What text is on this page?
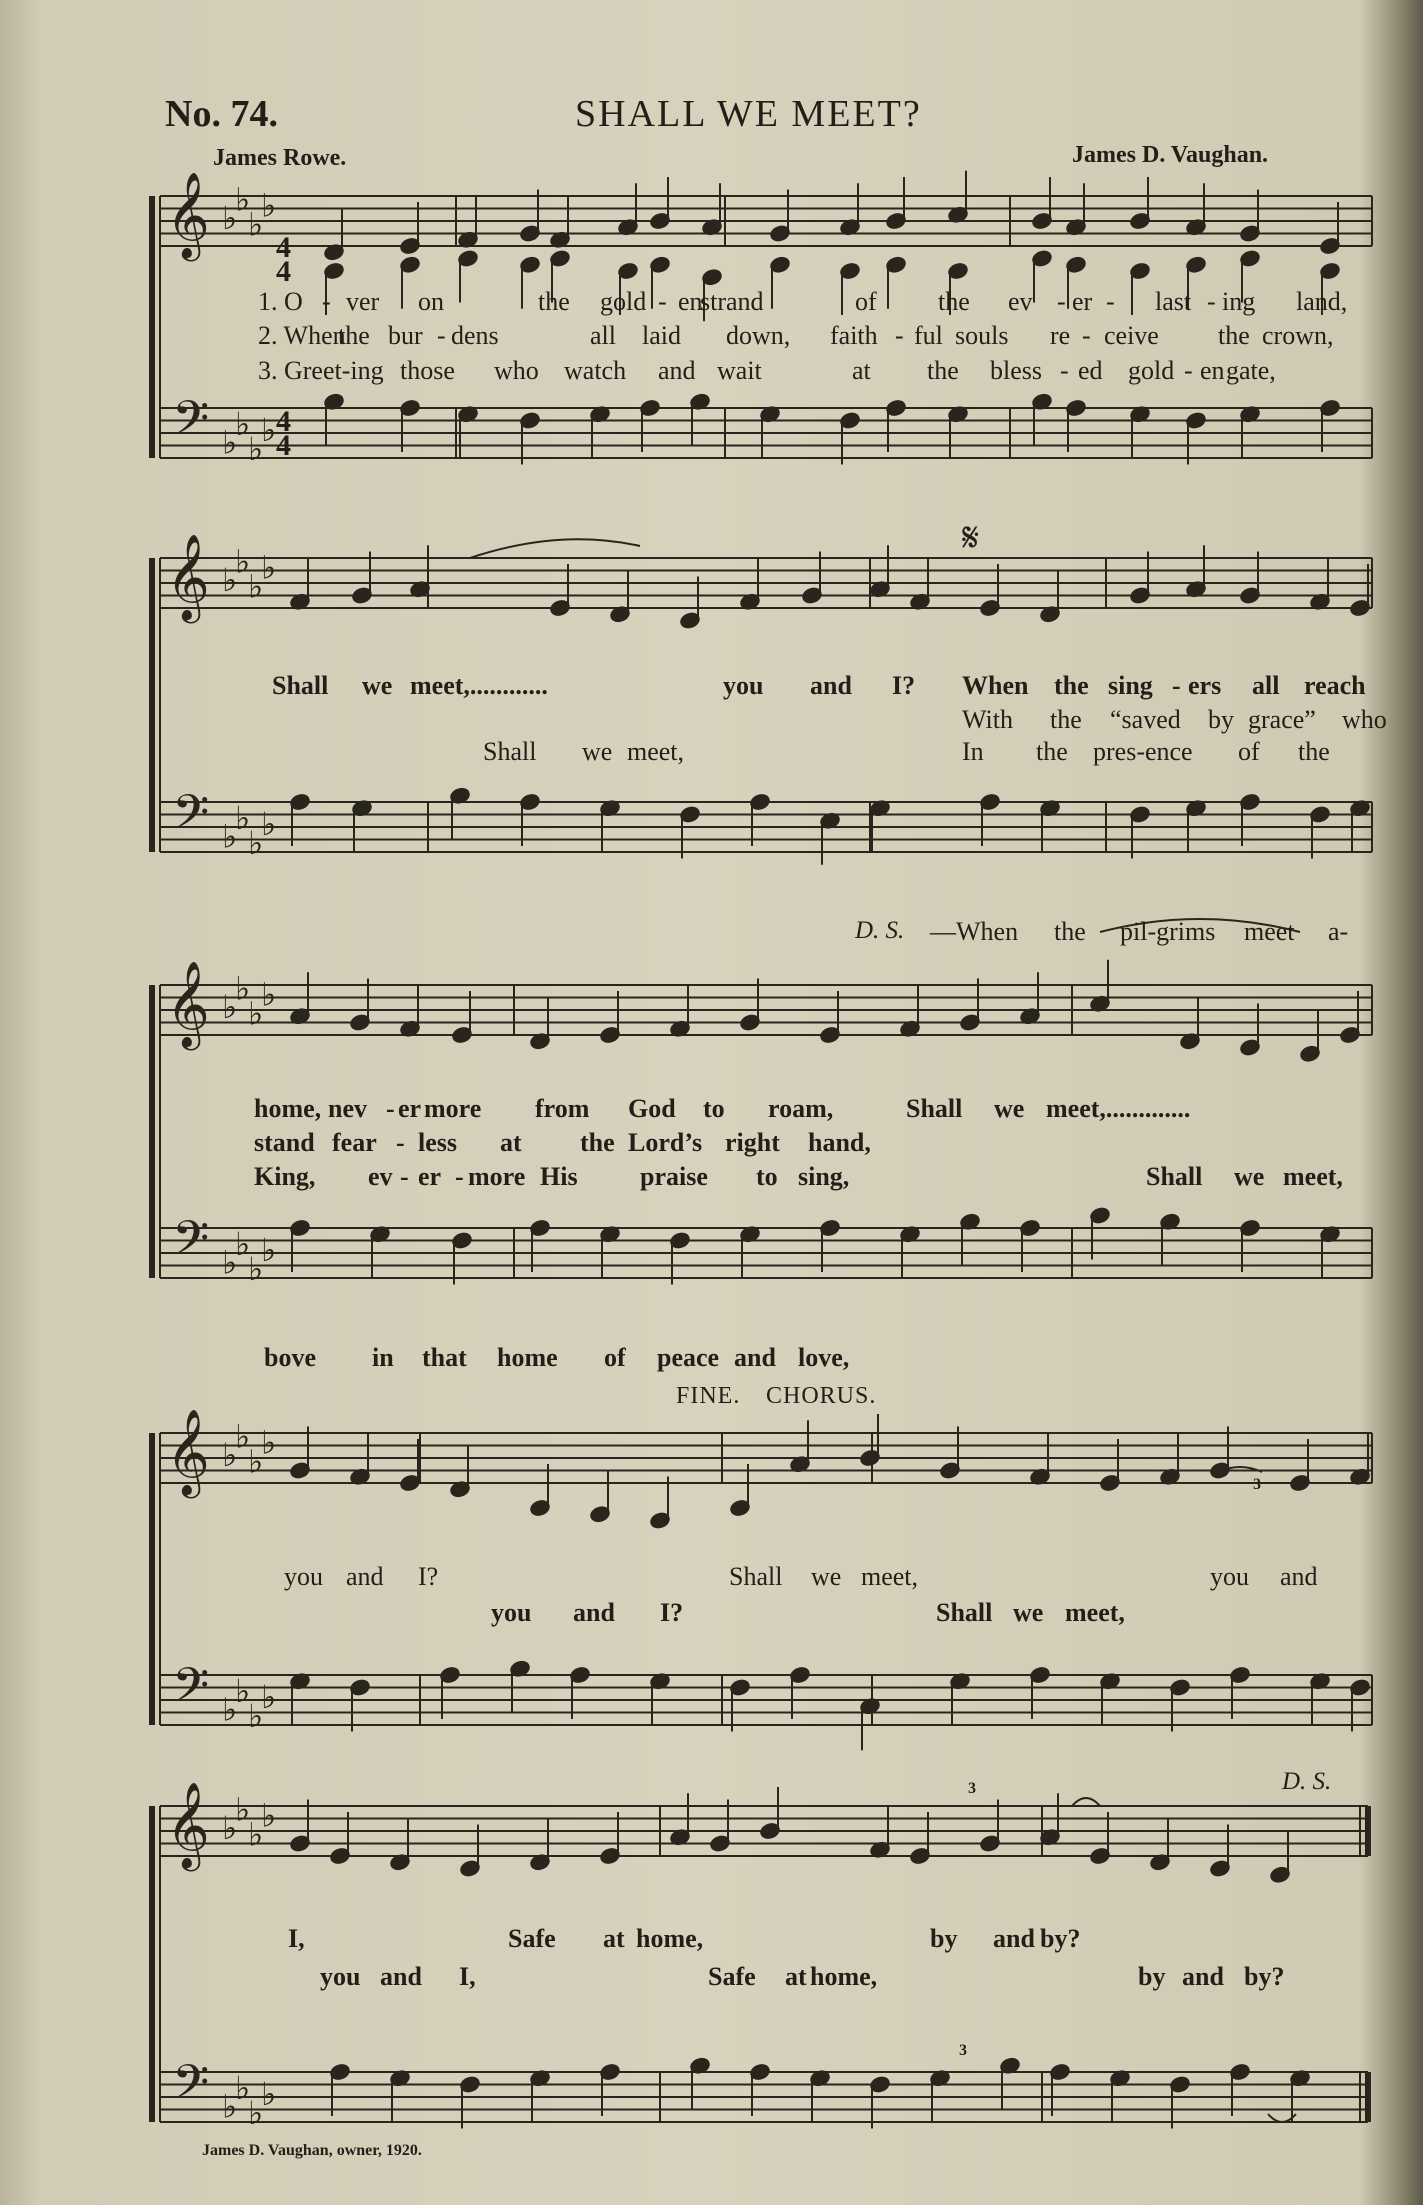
No. 74.	SHALL WE MEET?
James Rowe.	James D. Vaughan.
𝄞
𝄢
♭
♭
♭
♭
♭
♭
♭
♭
𝄞
𝄢
♭
♭
♭
♭
♭
♭
♭
♭
𝄞
𝄢
♭
♭
♭
♭
♭
♭
♭
♭
𝄞
𝄢
♭
♭
♭
♭
♭
♭
♭
♭
𝄞
𝄢
♭
♭
♭
♭
♭
♭
♭
♭
4
4
4
4
1. O - ver on	the gold - en
strand	of the ev - er - last - ing land,
2. When
the bur - dens	all laid down, faith - ful souls re - ceive the crown,
3. Greet-ing those who watch and wait	at the bless - ed gold - en gate,
𝄋
Shall we meet,............	you and I? When the sing - ers all reach
With the “saved by grace” who
Shall we meet,	In the pres-ence of the
D. S. —When the pil-grims meet a-
home, nev - er more from God to roam,	Shall we meet,.............
stand fear - less at the Lord’s right hand,
King, ev - er - more His praise to sing,	Shall we meet,
bove in that home of peace and love,
FINE. CHORUS.
3
you and I?	Shall we meet,	you and
you and I?	Shall we meet,
D. S.
3
3
I,	Safe at home,	by and by?
you and I,	Safe at home,	by and by?
James D. Vaughan, owner, 1920.
